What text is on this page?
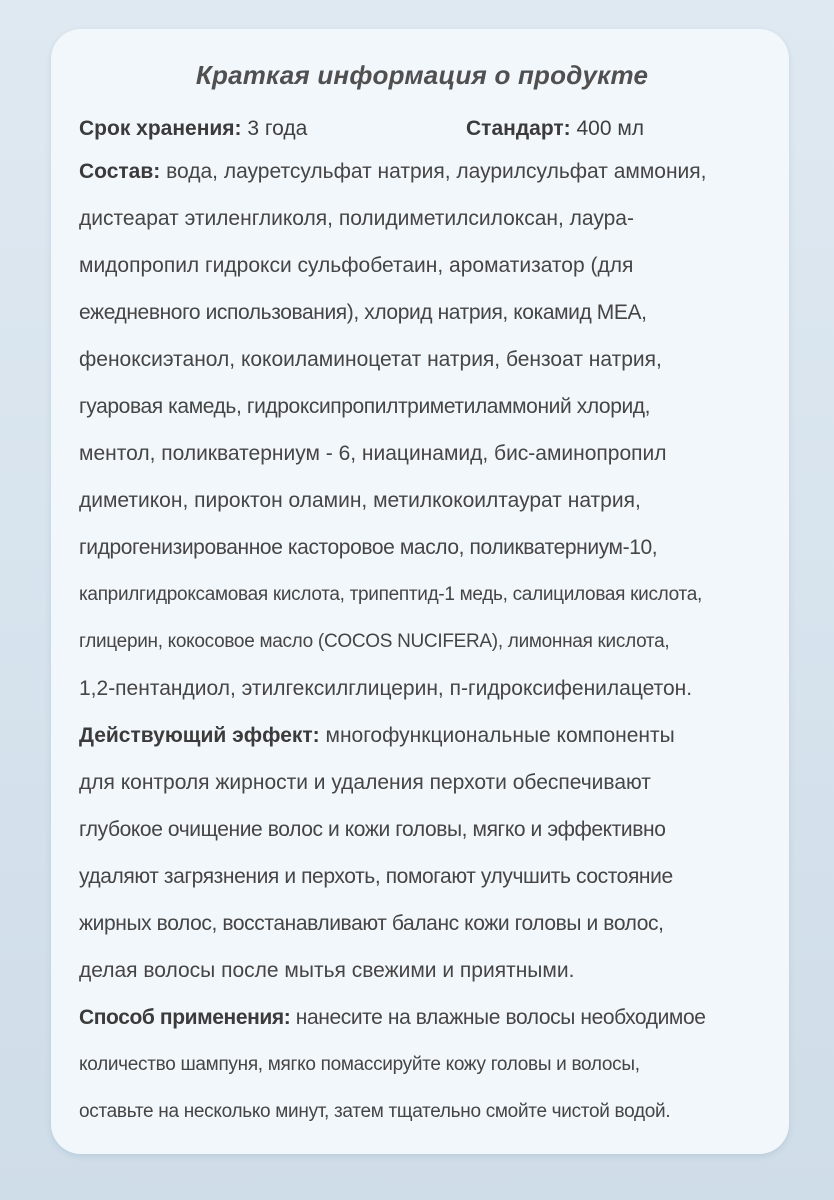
Краткая информация о продукте
Срок хранения: 3 года	Стандарт: 400 мл
Состав: вода, лауретсульфат натрия, лаурилсульфат аммония,
дистеарат этиленгликоля, полидиметилсилоксан, лаура-
мидопропил гидрокси сульфобетаин, ароматизатор (для
ежедневного использования), хлорид натрия, кокамид MEA,
феноксиэтанол, кокоиламиноцетат натрия, бензоат натрия,
гуаровая камедь, гидроксипропилтриметиламмоний хлорид,
ментол, поликватерниум - 6, ниацинамид, бис-аминопропил
диметикон, пироктон оламин, метилкокоилтаурат натрия,
гидрогенизированное касторовое масло, поликватерниум-10,
каприлгидроксамовая кислота, трипептид-1 медь, салициловая кислота,
глицерин, кокосовое масло (COCOS NUCIFERA), лимонная кислота,
1,2-пентандиол, этилгексилглицерин, п-гидроксифенилацетон.
Действующий эффект: многофункциональные компоненты
для контроля жирности и удаления перхоти обеспечивают
глубокое очищение волос и кожи головы, мягко и эффективно
удаляют загрязнения и перхоть, помогают улучшить состояние
жирных волос, восстанавливают баланс кожи головы и волос,
делая волосы после мытья свежими и приятными.
Способ применения: нанесите на влажные волосы необходимое
количество шампуня, мягко помассируйте кожу головы и волосы,
оставьте на несколько минут, затем тщательно смойте чистой водой.
